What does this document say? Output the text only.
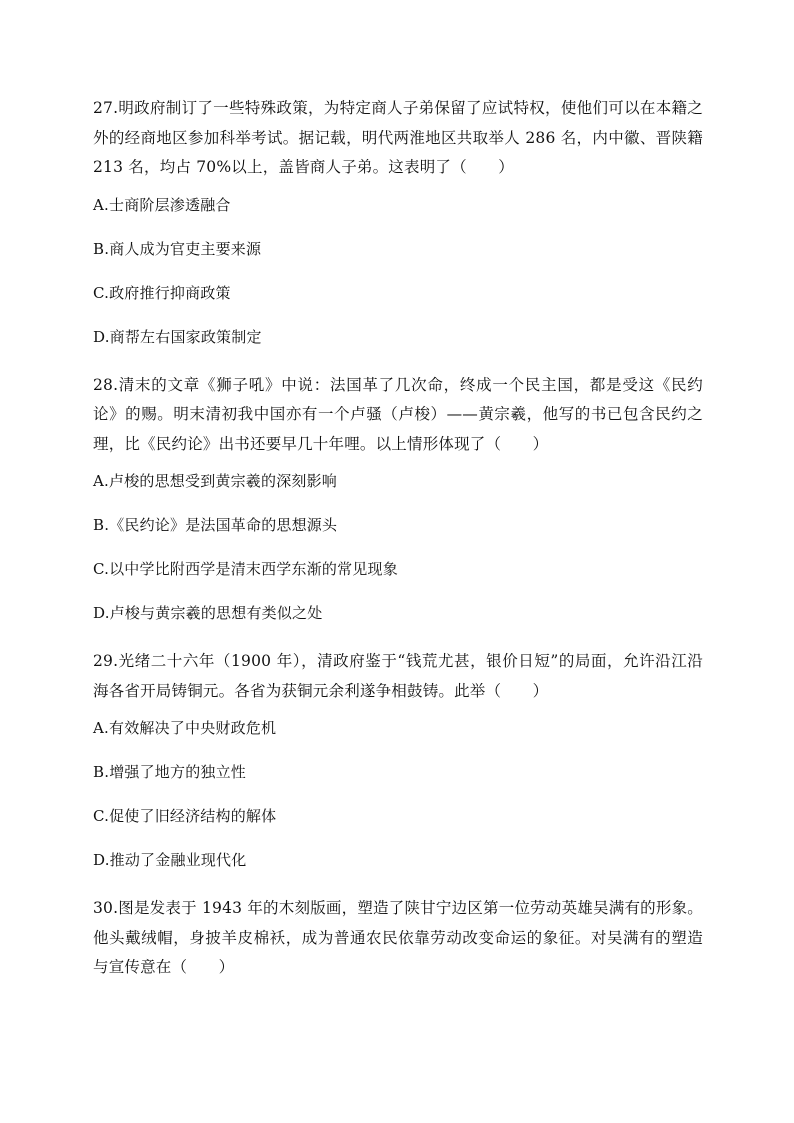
27.明政府制订了一些特殊政策，为特定商人子弟保留了应试特权，使他们可以在本籍之外的经商地区参加科举考试。据记载，明代两淮地区共取举人 286 名，内中徽、晋陕籍 213 名，均占 70%以上，盖皆商人子弟。这表明了（　　）

A.士商阶层渗透融合

B.商人成为官吏主要来源

C.政府推行抑商政策

D.商帮左右国家政策制定

28.清末的文章《狮子吼》中说：法国革了几次命，终成一个民主国，都是受这《民约论》的赐。明末清初我中国亦有一个卢骚（卢梭）——黄宗羲，他写的书已包含民约之理，比《民约论》出书还要早几十年哩。以上情形体现了（　　）

A.卢梭的思想受到黄宗羲的深刻影响

B.《民约论》是法国革命的思想源头

C.以中学比附西学是清末西学东渐的常见现象

D.卢梭与黄宗羲的思想有类似之处

29.光绪二十六年（1900 年），清政府鉴于“钱荒尤甚，银价日短”的局面，允许沿江沿海各省开局铸铜元。各省为获铜元余利遂争相鼓铸。此举（　　）

A.有效解决了中央财政危机

B.增强了地方的独立性

C.促使了旧经济结构的解体

D.推动了金融业现代化

30.图是发表于 1943 年的木刻版画，塑造了陕甘宁边区第一位劳动英雄吴满有的形象。他头戴绒帽，身披羊皮棉袄，成为普通农民依靠劳动改变命运的象征。对吴满有的塑造与宣传意在（　　）
